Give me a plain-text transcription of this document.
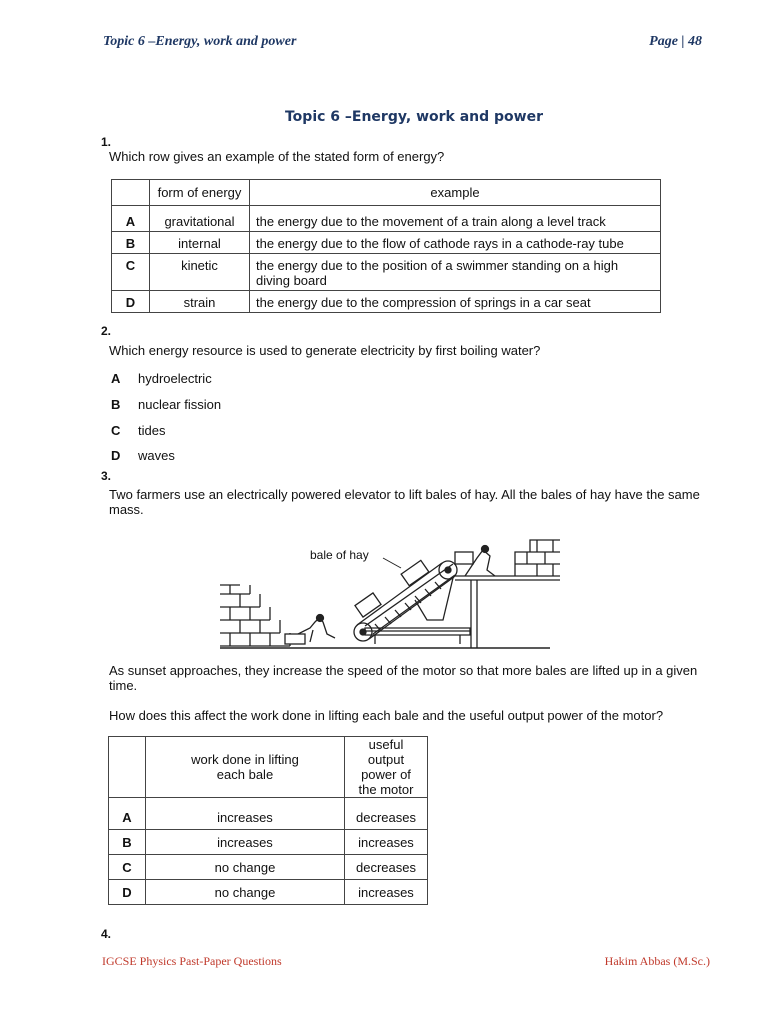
Topic 6 –Energy, work and power	Page | 48
Topic 6 –Energy, work and power
1.
Which row gives an example of the stated form of energy?
	form of energy	example
A	gravitational	the energy due to the movement of a train along a level track
B	internal	the energy due to the flow of cathode rays in a cathode-ray tube
C	kinetic	the energy due to the position of a swimmer standing on a high diving board
D	strain	the energy due to the compression of springs in a car seat
2.
Which energy resource is used to generate electricity by first boiling water?
A hydroelectric
B nuclear fission
C tides
D waves
3.
Two farmers use an electrically powered elevator to lift bales of hay. All the bales of hay have the same mass.
bale of hay
As sunset approaches, they increase the speed of the motor so that more bales are lifted up in a given time.
How does this affect the work done in lifting each bale and the useful output power of the motor?
	work done in lifting each bale	useful output power of the motor
A	increases	decreases
B	increases	increases
C	no change	decreases
D	no change	increases
4.
IGCSE Physics Past-Paper Questions	Hakim Abbas (M.Sc.)
